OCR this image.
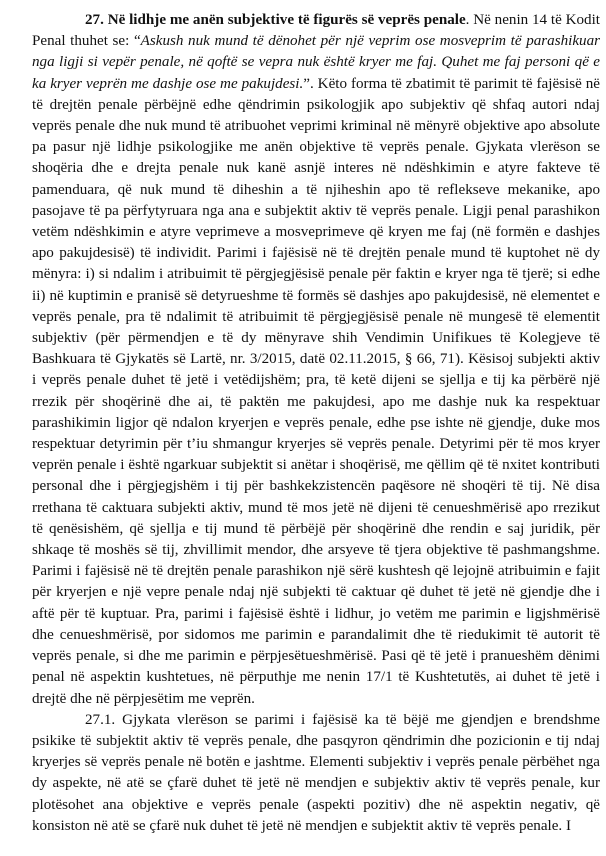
27. Në lidhje me anën subjektive të figurës së veprës penale. Në nenin 14 të Kodit Penal thuhet se: “Askush nuk mund të dënohet për një veprim ose mosveprim të parashikuar nga ligji si vepër penale, në qoftë se vepra nuk është kryer me faj. Quhet me faj personi që e ka kryer veprën me dashje ose me pakujdesi.”. Këto forma të zbatimit të parimit të fajësisë në të drejtën penale përbëjnë edhe qëndrimin psikologjik apo subjektiv që shfaq autori ndaj veprës penale dhe nuk mund të atribuohet veprimi kriminal në mënyrë objektive apo absolute pa pasur një lidhje psikologjike me anën objektive të veprës penale. Gjykata vlerëson se shoqëria dhe e drejta penale nuk kanë asnjë interes në ndëshkimin e atyre fakteve të pamenduara, që nuk mund të diheshin a të njiheshin apo të reflekseve mekanike, apo pasojave të pa përfytyruara nga ana e subjektit aktiv të veprës penale. Ligji penal parashikon vetëm ndëshkimin e atyre veprimeve a mosveprimeve që kryen me faj (në formën e dashjes apo pakujdesisë) të individit. Parimi i fajësisë në të drejtën penale mund të kuptohet në dy mënyra: i) si ndalim i atribuimit të përgjegjësisë penale për faktin e kryer nga të tjerë; si edhe ii) në kuptimin e pranisë së detyrueshme të formës së dashjes apo pakujdesisë, në elementet e veprës penale, pra të ndalimit të atribuimit të përgjegjësisë penale në mungesë të elementit subjektiv (për përmendjen e të dy mënyrave shih Vendimin Unifikues të Kolegjeve të Bashkuara të Gjykatës së Lartë, nr. 3/2015, datë 02.11.2015, § 66, 71). Kësisoj subjekti aktiv i veprës penale duhet të jetë i vetëdijshëm; pra, të ketë dijeni se sjellja e tij ka përbërë një rrezik për shoqërinë dhe ai, të paktën me pakujdesi, apo me dashje nuk ka respektuar parashikimin ligjor që ndalon kryerjen e veprës penale, edhe pse ishte në gjendje, duke mos respektuar detyrimin për t’iu shmangur kryerjes së veprës penale. Detyrimi për të mos kryer veprën penale i është ngarkuar subjektit si anëtar i shoqërisë, me qëllim që të nxitet kontributi personal dhe i përgjegjshëm i tij për bashkekzistencën paqësore në shoqëri të tij. Në disa rrethana të caktuara subjekti aktiv, mund të mos jetë në dijeni të cenueshmërisë apo rrezikut të qenësishëm, që sjellja e tij mund të përbëjë për shoqërinë dhe rendin e saj juridik, për shkaqe të moshës së tij, zhvillimit mendor, dhe arsyeve të tjera objektive të pashmangshme. Parimi i fajësisë në të drejtën penale parashikon një sërë kushtesh që lejojnë atribuimin e fajit për kryerjen e një vepre penale ndaj një subjekti të caktuar që duhet të jetë në gjendje dhe i aftë për të kuptuar. Pra, parimi i fajësisë është i lidhur, jo vetëm me parimin e ligjshmërisë dhe cenueshmërisë, por sidomos me parimin e parandalimit dhe të riedukimit të autorit të veprës penale, si dhe me parimin e përpjesëtueshmërisë. Pasi që të jetë i pranueshëm dënimi penal në aspektin kushtetues, në përputhje me nenin 17/1 të Kushtetutës, ai duhet të jetë i drejtë dhe në përpjesëtim me veprën.

27.1. Gjykata vlerëson se parimi i fajësisë ka të bëjë me gjendjen e brendshme psikike të subjektit aktiv të veprës penale, dhe pasqyron qëndrimin dhe pozicionin e tij ndaj kryerjes së veprës penale në botën e jashtme. Elementi subjektiv i veprës penale përbëhet nga dy aspekte, në atë se çfarë duhet të jetë në mendjen e subjektiv aktiv të veprës penale, kur plotësohet ana objektive e veprës penale (aspekti pozitiv) dhe në aspektin negativ, që konsiston në atë se çfarë nuk duhet të jetë në mendjen e subjektit aktiv të veprës penale. I
